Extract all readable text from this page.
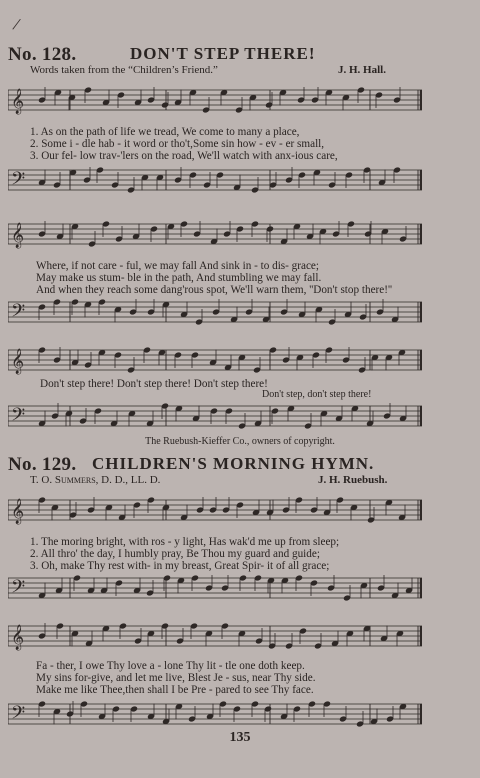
/
No. 128.	DON'T STEP THERE!
Words taken from the “Children’s Friend.”	J. H. Hall.
𝄞
1. As on the path of life we tread, We come to many a place,
2. Some i - dle hab - it word or tho't,Some sin how - ev - er small,
3. Our fel- low trav-'lers on the road, We'll watch with anx-ious care,
𝄢
𝄞
Where, if not care - ful, we may fall And sink in - to dis- grace;
May make us stum- ble in the path, And stumbling we may fall.
And when they reach some dang'rous spot, We'll warn them, ''Don't stop there!''
𝄢
𝄞
Don't step there! Don't step there! Don't step there!
Don't step, don't step there!
𝄢
The Ruebush-Kieffer Co., owners of copyright.
No. 129. CHILDREN'S MORNING HYMN.
T. O. Summers, D. D., LL. D.	J. H. Ruebush.
𝄞
1. The moring bright, with ros - y light, Has wak'd me up from sleep;
2. All thro' the day, I humbly pray, Be Thou my guard and guide;
3. Oh, make Thy rest with- in my breast, Great Spir- it of all grace;
𝄢
𝄞
Fa - ther, I owe Thy love a - lone Thy lit - tle one doth keep.
My sins for-give, and let me live, Blest Je - sus, near Thy side.
Make me like Thee,then shall I be Pre - pared to see Thy face.
𝄢
135
